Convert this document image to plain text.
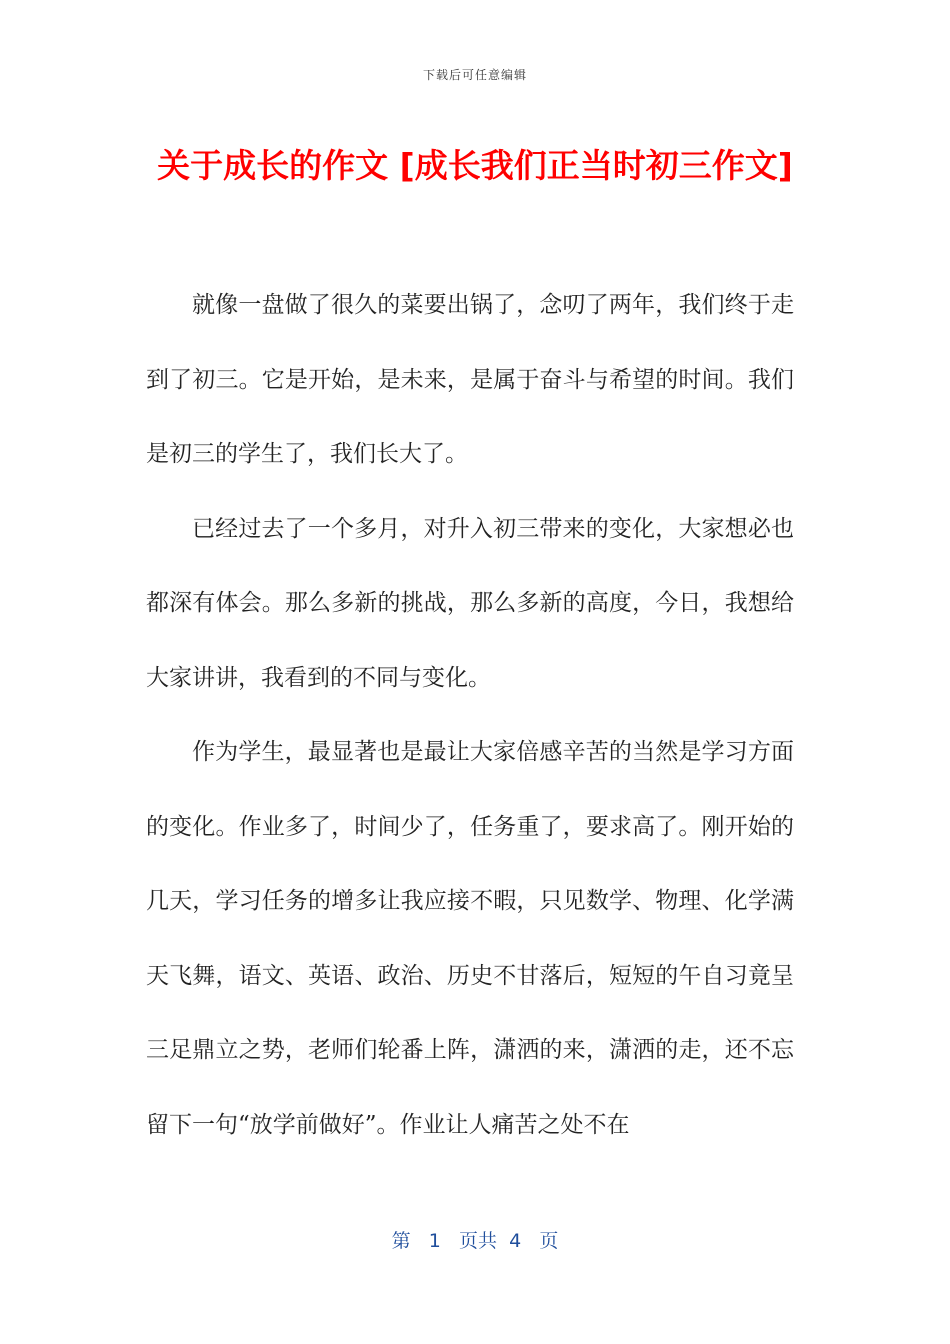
下载后可任意编辑
关于成长的作文 [成长我们正当时初三作文]

就像一盘做了很久的菜要出锅了，念叨了两年，我们终于走到了初三。它是开始，是未来，是属于奋斗与希望的时间。我们是初三的学生了，我们长大了。

已经过去了一个多月，对升入初三带来的变化，大家想必也都深有体会。那么多新的挑战，那么多新的高度，今日，我想给大家讲讲，我看到的不同与变化。

作为学生，最显著也是最让大家倍感辛苦的当然是学习方面的变化。作业多了，时间少了，任务重了，要求高了。刚开始的几天，学习任务的增多让我应接不暇，只见数学、物理、化学满天飞舞，语文、英语、政治、历史不甘落后，短短的午自习竟呈三足鼎立之势，老师们轮番上阵，潇洒的来，潇洒的走，还不忘留下一句“放学前做好”。作业让人痛苦之处不在

第 1 页共 4 页
